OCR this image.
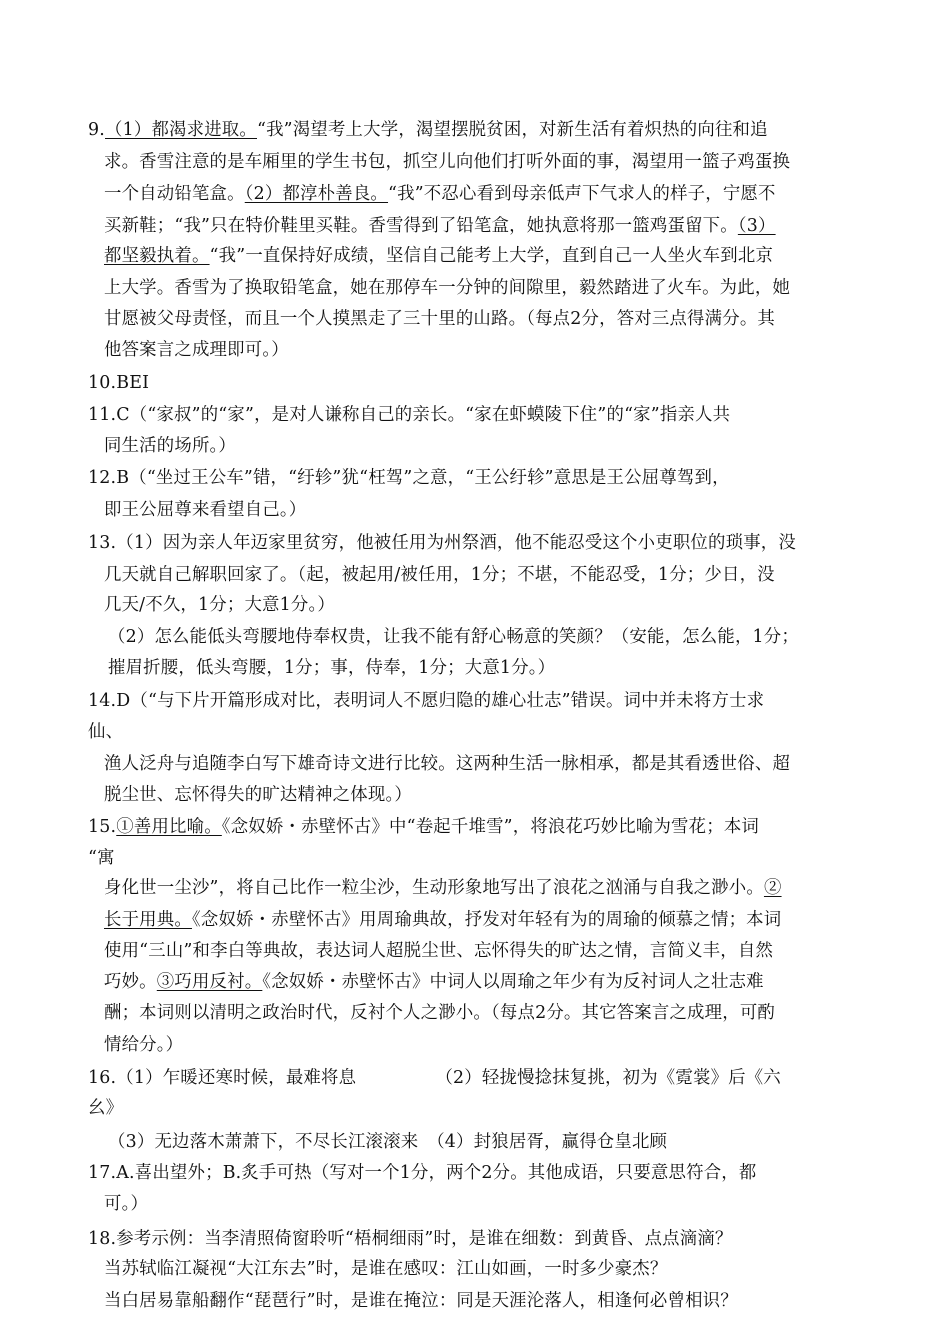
9.（1）都渴求进取。“我”渴望考上大学，渴望摆脱贫困，对新生活有着炽热的向往和追
求。香雪注意的是车厢里的学生书包，抓空儿向他们打听外面的事，渴望用一篮子鸡蛋换
一个自动铅笔盒。（2）都淳朴善良。“我”不忍心看到母亲低声下气求人的样子，宁愿不
买新鞋；“我”只在特价鞋里买鞋。香雪得到了铅笔盒，她执意将那一篮鸡蛋留下。（3）
都坚毅执着。“我”一直保持好成绩，坚信自己能考上大学，直到自己一人坐火车到北京
上大学。香雪为了换取铅笔盒，她在那停车一分钟的间隙里，毅然踏进了火车。为此，她
甘愿被父母责怪，而且一个人摸黑走了三十里的山路。（每点2分，答对三点得满分。其
他答案言之成理即可。）
10.BEI
11.C（“家叔”的“家”，是对人谦称自己的亲长。“家在虾蟆陵下住”的“家”指亲人共
同生活的场所。）
12.B（“坐过王公车”错，“纡轸”犹“枉驾”之意，“王公纡轸”意思是王公屈尊驾到，
即王公屈尊来看望自己。）
13.（1）因为亲人年迈家里贫穷，他被任用为州祭酒，他不能忍受这个小吏职位的琐事，没
几天就自己解职回家了。（起，被起用/被任用，1分；不堪，不能忍受，1分；少日，没
几天/不久，1分；大意1分。）
（2）怎么能低头弯腰地侍奉权贵，让我不能有舒心畅意的笑颜？（安能，怎么能，1分；
摧眉折腰，低头弯腰，1分；事，侍奉，1分；大意1分。）
14.D（“与下片开篇形成对比，表明词人不愿归隐的雄心壮志”错误。词中并未将方士求
仙、
渔人泛舟与追随李白写下雄奇诗文进行比较。这两种生活一脉相承，都是其看透世俗、超
脱尘世、忘怀得失的旷达精神之体现。）
15.①善用比喻。《念奴娇・赤壁怀古》中“卷起千堆雪”，将浪花巧妙比喻为雪花；本词
“寓
身化世一尘沙”，将自己比作一粒尘沙，生动形象地写出了浪花之汹涌与自我之渺小。②
长于用典。《念奴娇・赤壁怀古》用周瑜典故，抒发对年轻有为的周瑜的倾慕之情；本词
使用“三山”和李白等典故，表达词人超脱尘世、忘怀得失的旷达之情，言简义丰，自然
巧妙。③巧用反衬。《念奴娇・赤壁怀古》中词人以周瑜之年少有为反衬词人之壮志难
酬；本词则以清明之政治时代，反衬个人之渺小。（每点2分。其它答案言之成理，可酌
情给分。）
16.（1）乍暖还寒时候，最难将息　　　　　（2）轻拢慢捻抹复挑，初为《霓裳》后《六
幺》
（3）无边落木萧萧下，不尽长江滚滚来　（4）封狼居胥，赢得仓皇北顾
17.A.喜出望外；B.炙手可热（写对一个1分，两个2分。其他成语，只要意思符合，都
可。）
18.参考示例：当李清照倚窗聆听“梧桐细雨”时，是谁在细数：到黄昏、点点滴滴？
当苏轼临江凝视“大江东去”时，是谁在感叹：江山如画，一时多少豪杰？
当白居易靠船翻作“琵琶行”时，是谁在掩泣：同是天涯沦落人，相逢何必曾相识？
